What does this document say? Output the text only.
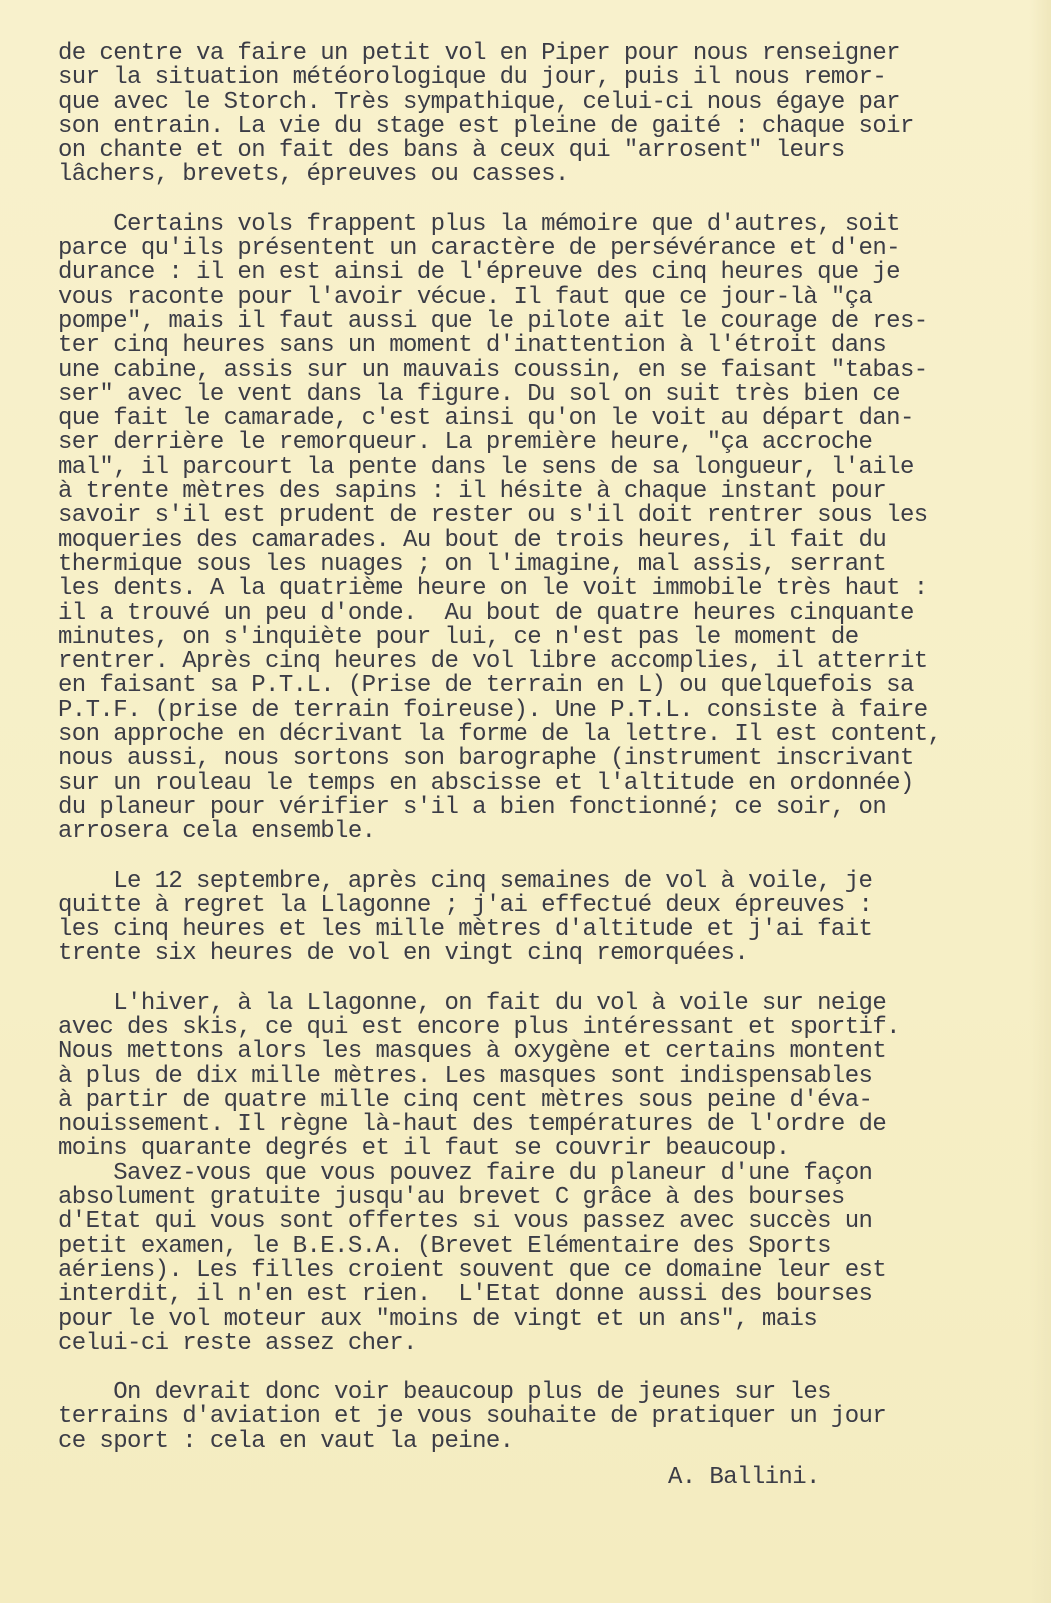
de centre va faire un petit vol en Piper pour nous renseigner
sur la situation météorologique du jour, puis il nous remor-
que avec le Storch. Très sympathique, celui-ci nous égaye par
son entrain. La vie du stage est pleine de gaité : chaque soir
on chante et on fait des bans à ceux qui "arrosent" leurs
lâchers, brevets, épreuves ou casses.
Certains vols frappent plus la mémoire que d'autres, soit
parce qu'ils présentent un caractère de persévérance et d'en-
durance : il en est ainsi de l'épreuve des cinq heures que je
vous raconte pour l'avoir vécue. Il faut que ce jour-là "ça
pompe", mais il faut aussi que le pilote ait le courage de res-
ter cinq heures sans un moment d'inattention à l'étroit dans
une cabine, assis sur un mauvais coussin, en se faisant "tabas-
ser" avec le vent dans la figure. Du sol on suit très bien ce
que fait le camarade, c'est ainsi qu'on le voit au départ dan-
ser derrière le remorqueur. La première heure, "ça accroche
mal", il parcourt la pente dans le sens de sa longueur, l'aile
à trente mètres des sapins : il hésite à chaque instant pour
savoir s'il est prudent de rester ou s'il doit rentrer sous les
moqueries des camarades. Au bout de trois heures, il fait du
thermique sous les nuages ; on l'imagine, mal assis, serrant
les dents. A la quatrième heure on le voit immobile très haut :
il a trouvé un peu d'onde.  Au bout de quatre heures cinquante
minutes, on s'inquiète pour lui, ce n'est pas le moment de
rentrer. Après cinq heures de vol libre accomplies, il atterrit
en faisant sa P.T.L. (Prise de terrain en L) ou quelquefois sa
P.T.F. (prise de terrain foireuse). Une P.T.L. consiste à faire
son approche en décrivant la forme de la lettre. Il est content,
nous aussi, nous sortons son barographe (instrument inscrivant
sur un rouleau le temps en abscisse et l'altitude en ordonnée)
du planeur pour vérifier s'il a bien fonctionné; ce soir, on
arrosera cela ensemble.
Le 12 septembre, après cinq semaines de vol à voile, je
quitte à regret la Llagonne ; j'ai effectué deux épreuves :
les cinq heures et les mille mètres d'altitude et j'ai fait
trente six heures de vol en vingt cinq remorquées.
L'hiver, à la Llagonne, on fait du vol à voile sur neige
avec des skis, ce qui est encore plus intéressant et sportif.
Nous mettons alors les masques à oxygène et certains montent
à plus de dix mille mètres. Les masques sont indispensables
à partir de quatre mille cinq cent mètres sous peine d'éva-
nouissement. Il règne là-haut des températures de l'ordre de
moins quarante degrés et il faut se couvrir beaucoup.
Savez-vous que vous pouvez faire du planeur d'une façon
absolument gratuite jusqu'au brevet C grâce à des bourses
d'Etat qui vous sont offertes si vous passez avec succès un
petit examen, le B.E.S.A. (Brevet Elémentaire des Sports
aériens). Les filles croient souvent que ce domaine leur est
interdit, il n'en est rien.  L'Etat donne aussi des bourses
pour le vol moteur aux "moins de vingt et un ans", mais
celui-ci reste assez cher.
On devrait donc voir beaucoup plus de jeunes sur les
terrains d'aviation et je vous souhaite de pratiquer un jour
ce sport : cela en vaut la peine.
A. Ballini.
